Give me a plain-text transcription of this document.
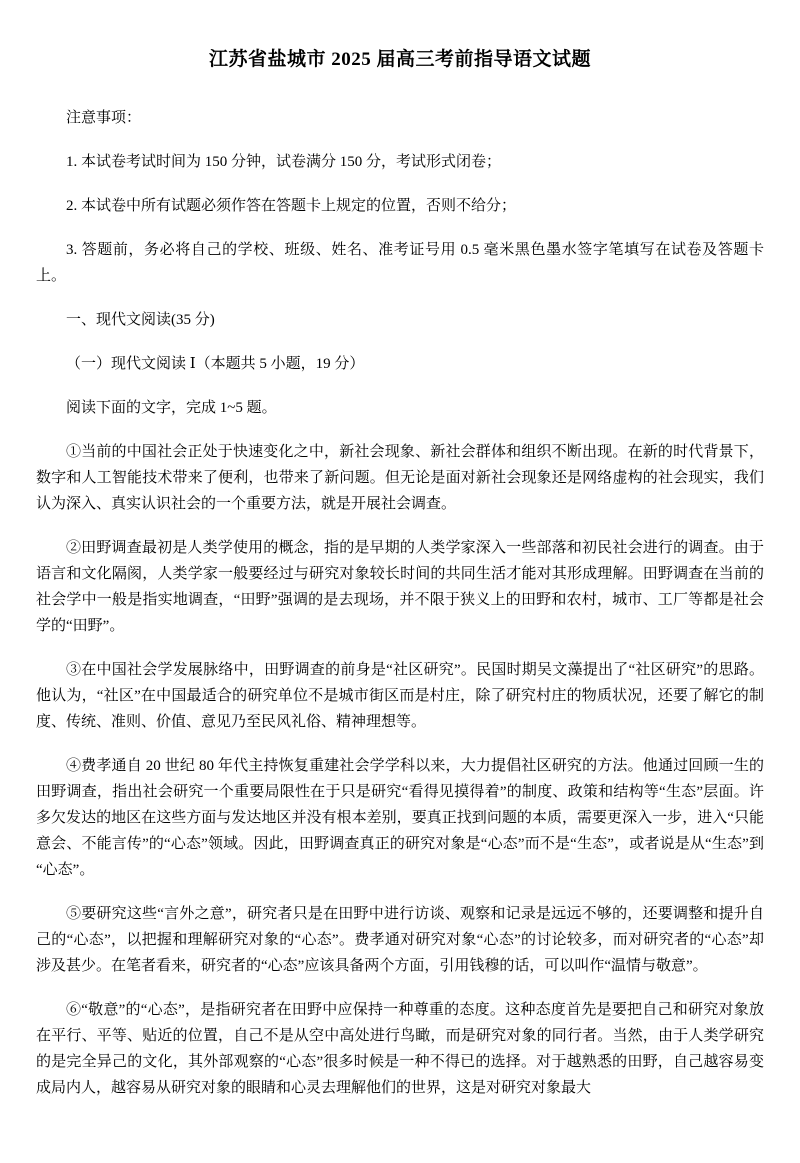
江苏省盐城市 2025 届高三考前指导语文试题

注意事项：

1. 本试卷考试时间为 150 分钟，试卷满分 150 分，考试形式闭卷；

2. 本试卷中所有试题必须作答在答题卡上规定的位置，否则不给分；

3. 答题前，务必将自己的学校、班级、姓名、准考证号用 0.5 毫米黑色墨水签字笔填写在试卷及答题卡上。

一、现代文阅读(35 分)

（一）现代文阅读 Ⅰ（本题共 5 小题，19 分）

阅读下面的文字，完成 1~5 题。

①当前的中国社会正处于快速变化之中，新社会现象、新社会群体和组织不断出现。在新的时代背景下，数字和人工智能技术带来了便利，也带来了新问题。但无论是面对新社会现象还是网络虚构的社会现实，我们认为深入、真实认识社会的一个重要方法，就是开展社会调查。

②田野调查最初是人类学使用的概念，指的是早期的人类学家深入一些部落和初民社会进行的调查。由于语言和文化隔阂，人类学家一般要经过与研究对象较长时间的共同生活才能对其形成理解。田野调查在当前的社会学中一般是指实地调查，“田野”强调的是去现场，并不限于狭义上的田野和农村，城市、工厂等都是社会学的“田野”。

③在中国社会学发展脉络中，田野调查的前身是“社区研究”。民国时期吴文藻提出了“社区研究”的思路。他认为，“社区”在中国最适合的研究单位不是城市街区而是村庄，除了研究村庄的物质状况，还要了解它的制度、传统、准则、价值、意见乃至民风礼俗、精神理想等。

④费孝通自 20 世纪 80 年代主持恢复重建社会学学科以来，大力提倡社区研究的方法。他通过回顾一生的田野调查，指出社会研究一个重要局限性在于只是研究“看得见摸得着”的制度、政策和结构等“生态”层面。许多欠发达的地区在这些方面与发达地区并没有根本差别，要真正找到问题的本质，需要更深入一步，进入“只能意会、不能言传”的“心态”领域。因此，田野调查真正的研究对象是“心态”而不是“生态”，或者说是从“生态”到“心态”。

⑤要研究这些“言外之意”，研究者只是在田野中进行访谈、观察和记录是远远不够的，还要调整和提升自己的“心态”，以把握和理解研究对象的“心态”。费孝通对研究对象“心态”的讨论较多，而对研究者的“心态”却涉及甚少。在笔者看来，研究者的“心态”应该具备两个方面，引用钱穆的话，可以叫作“温情与敬意”。

⑥“敬意”的“心态”，是指研究者在田野中应保持一种尊重的态度。这种态度首先是要把自己和研究对象放在平行、平等、贴近的位置，自己不是从空中高处进行鸟瞰，而是研究对象的同行者。当然，由于人类学研究的是完全异己的文化，其外部观察的“心态”很多时候是一种不得已的选择。对于越熟悉的田野，自己越容易变成局内人，越容易从研究对象的眼睛和心灵去理解他们的世界，这是对研究对象最大
